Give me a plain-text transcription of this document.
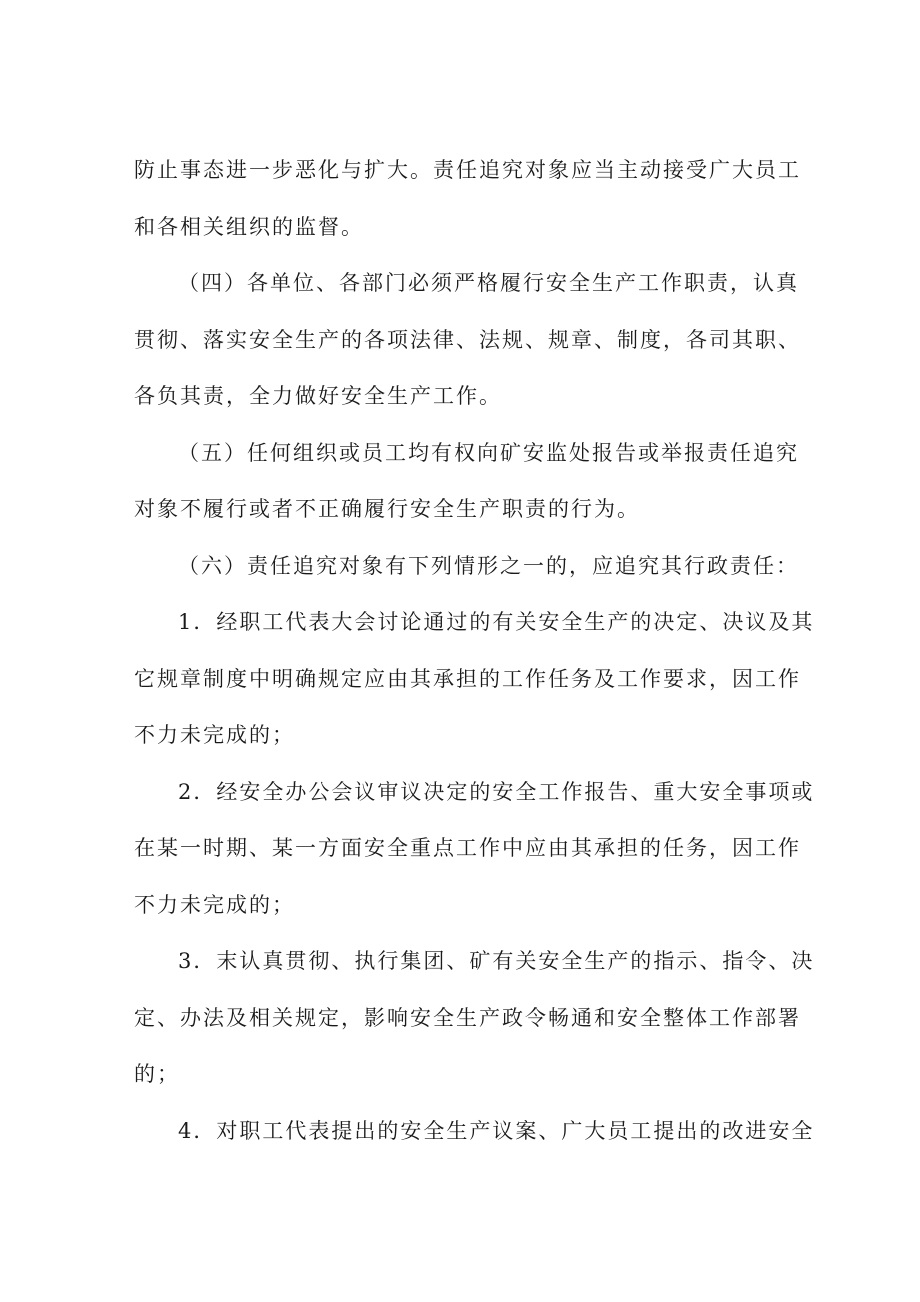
防止事态进一步恶化与扩大。责任追究对象应当主动接受广大员工
和各相关组织的监督。
（四）各单位、各部门必须严格履行安全生产工作职责，认真
贯彻、落实安全生产的各项法律、法规、规章、制度，各司其职、
各负其责，全力做好安全生产工作。
（五）任何组织或员工均有权向矿安监处报告或举报责任追究
对象不履行或者不正确履行安全生产职责的行为。
（六）责任追究对象有下列情形之一的，应追究其行政责任：
1．经职工代表大会讨论通过的有关安全生产的决定、决议及其
它规章制度中明确规定应由其承担的工作任务及工作要求，因工作
不力未完成的；
2．经安全办公会议审议决定的安全工作报告、重大安全事项或
在某一时期、某一方面安全重点工作中应由其承担的任务，因工作
不力未完成的；
3．末认真贯彻、执行集团、矿有关安全生产的指示、指令、决
定、办法及相关规定，影响安全生产政令畅通和安全整体工作部署
的；
4．对职工代表提出的安全生产议案、广大员工提出的改进安全
